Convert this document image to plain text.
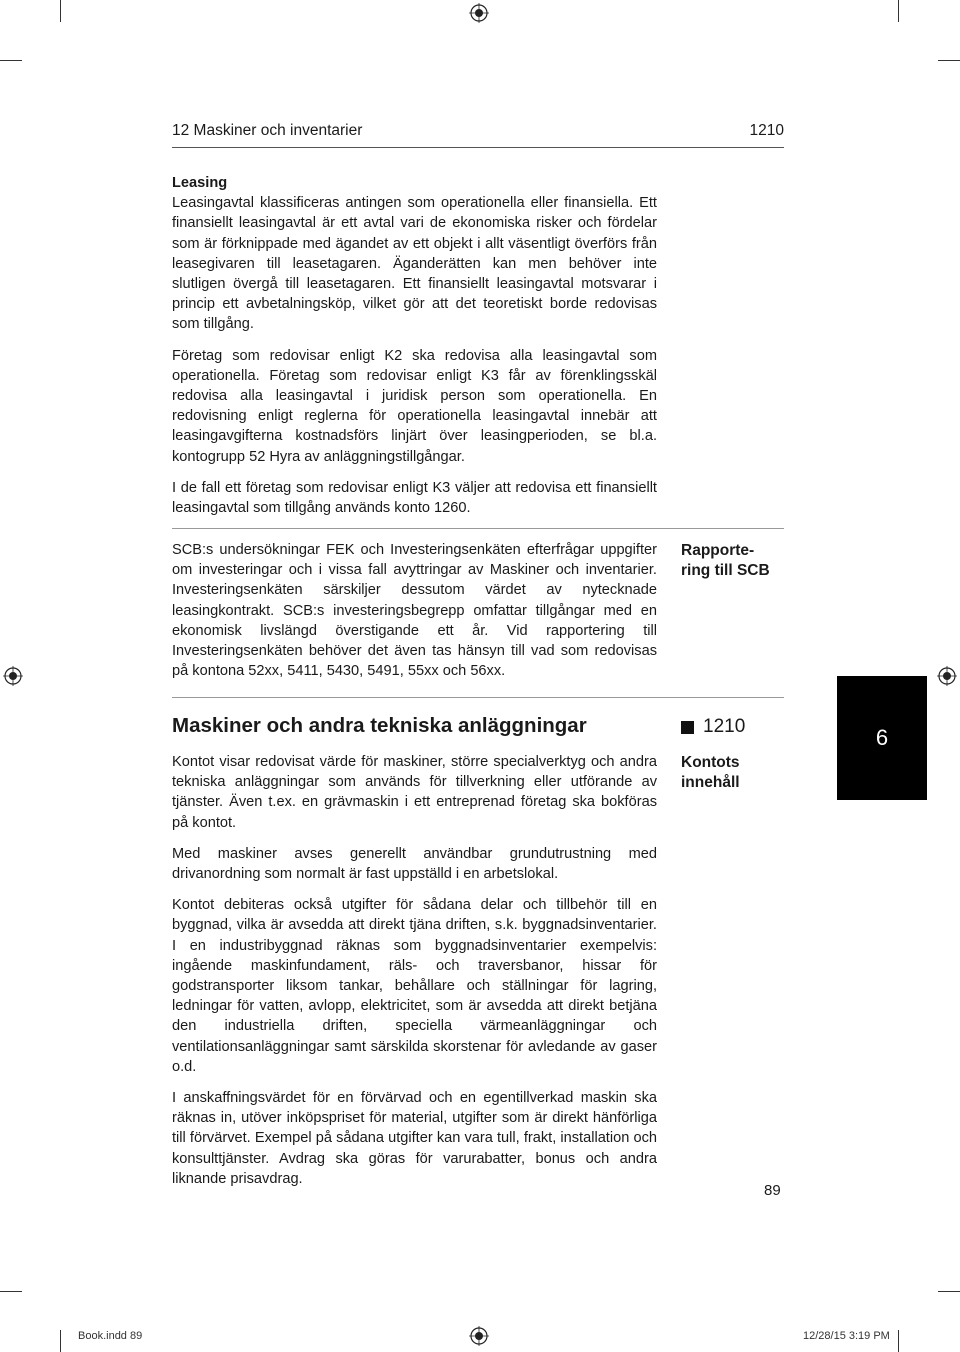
12 Maskiner och inventarier	1210
Leasing

Leasingavtal klassificeras antingen som operationella eller finansiella. Ett finansiellt leasingavtal är ett avtal vari de ekonomiska risker och fördelar som är förknippade med ägandet av ett objekt i allt väsentligt överförs från leasegivaren till leasetagaren. Äganderätten kan men behöver inte slutligen övergå till leasetagaren. Ett finansiellt leasingavtal motsvarar i princip ett avbetalningsköp, vilket gör att det teoretiskt borde redovisas som tillgång.

Företag som redovisar enligt K2 ska redovisa alla leasingavtal som operationella. Företag som redovisar enligt K3 får av förenklingsskäl redovisa alla leasingavtal i juridisk person som operationella. En redovisning enligt reglerna för operationella leasingavtal innebär att leasingavgifterna kostnadsförs linjärt över leasingperioden, se bl.a. kontogrupp 52 Hyra av anläggningstillgångar.

I de fall ett företag som redovisar enligt K3 väljer att redovisa ett finansiellt leasingavtal som tillgång används konto 1260.

SCB:s undersökningar FEK och Investeringsenkäten efterfrågar uppgifter om investeringar och i vissa fall avyttringar av Maskiner och inventarier. Investeringsenkäten särskiljer dessutom värdet av nytecknade leasingkontrakt. SCB:s investeringsbegrepp omfattar tillgångar med en ekonomisk livslängd överstigande ett år. Vid rapportering till Investeringsenkäten behöver det även tas hänsyn till vad som redovisas på kontona 52xx, 5411, 5430, 5491, 55xx och 56xx.

Rapporte-
ring till SCB
Maskiner och andra tekniska anläggningar	1210
Kontots
innehåll
6

Kontot visar redovisat värde för maskiner, större specialverktyg och andra tekniska anläggningar som används för tillverkning eller utförande av tjänster. Även t.ex. en grävmaskin i ett entreprenad företag ska bokföras på kontot.

Med maskiner avses generellt användbar grundutrustning med drivanordning som normalt är fast uppställd i en arbetslokal.

Kontot debiteras också utgifter för sådana delar och tillbehör till en byggnad, vilka är avsedda att direkt tjäna driften, s.k. byggnadsinventarier. I en industribyggnad räknas som byggnadsinventarier exempelvis: ingående maskinfundament, räls- och traversbanor, hissar för godstransporter liksom tankar, behållare och ställningar för lagring, ledningar för vatten, avlopp, elektricitet, som är avsedda att direkt betjäna den industriella driften, speciella värmeanläggningar och ventilationsanläggningar samt särskilda skorstenar för avledande av gaser o.d.

I anskaffningsvärdet för en förvärvad och en egentillverkad maskin ska räknas in, utöver inköpspriset för material, utgifter som är direkt hänförliga till förvärvet. Exempel på sådana utgifter kan vara tull, frakt, installation och konsulttjänster. Avdrag ska göras för varurabatter, bonus och andra liknande prisavdrag.

89
Book.indd 89	12/28/15 3:19 PM
